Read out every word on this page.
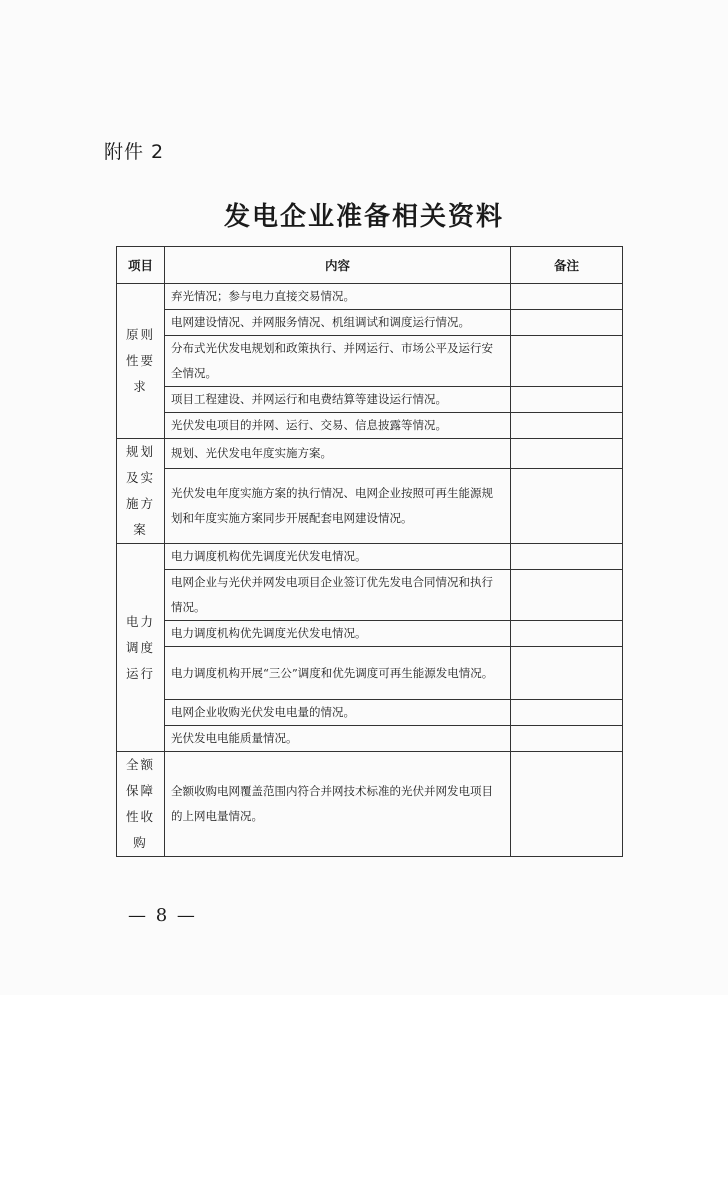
附件 2
发电企业准备相关资料
项目	内容	备注
原则性要求	弃光情况；参与电力直接交易情况。	
	电网建设情况、并网服务情况、机组调试和调度运行情况。	
	分布式光伏发电规划和政策执行、并网运行、市场公平及运行安全情况。	
	项目工程建设、并网运行和电费结算等建设运行情况。	
	光伏发电项目的并网、运行、交易、信息披露等情况。	
规划及实施方案	规划、光伏发电年度实施方案。	
	光伏发电年度实施方案的执行情况、电网企业按照可再生能源规划和年度实施方案同步开展配套电网建设情况。	
电力调度运行	电力调度机构优先调度光伏发电情况。	
	电网企业与光伏并网发电项目企业签订优先发电合同情况和执行情况。	
	电力调度机构优先调度光伏发电情况。	
	电力调度机构开展“三公”调度和优先调度可再生能源发电情况。	
	电网企业收购光伏发电电量的情况。	
	光伏发电电能质量情况。	
全额保障性收购	全额收购电网覆盖范围内符合并网技术标准的光伏并网发电项目的上网电量情况。	
— 8 —
